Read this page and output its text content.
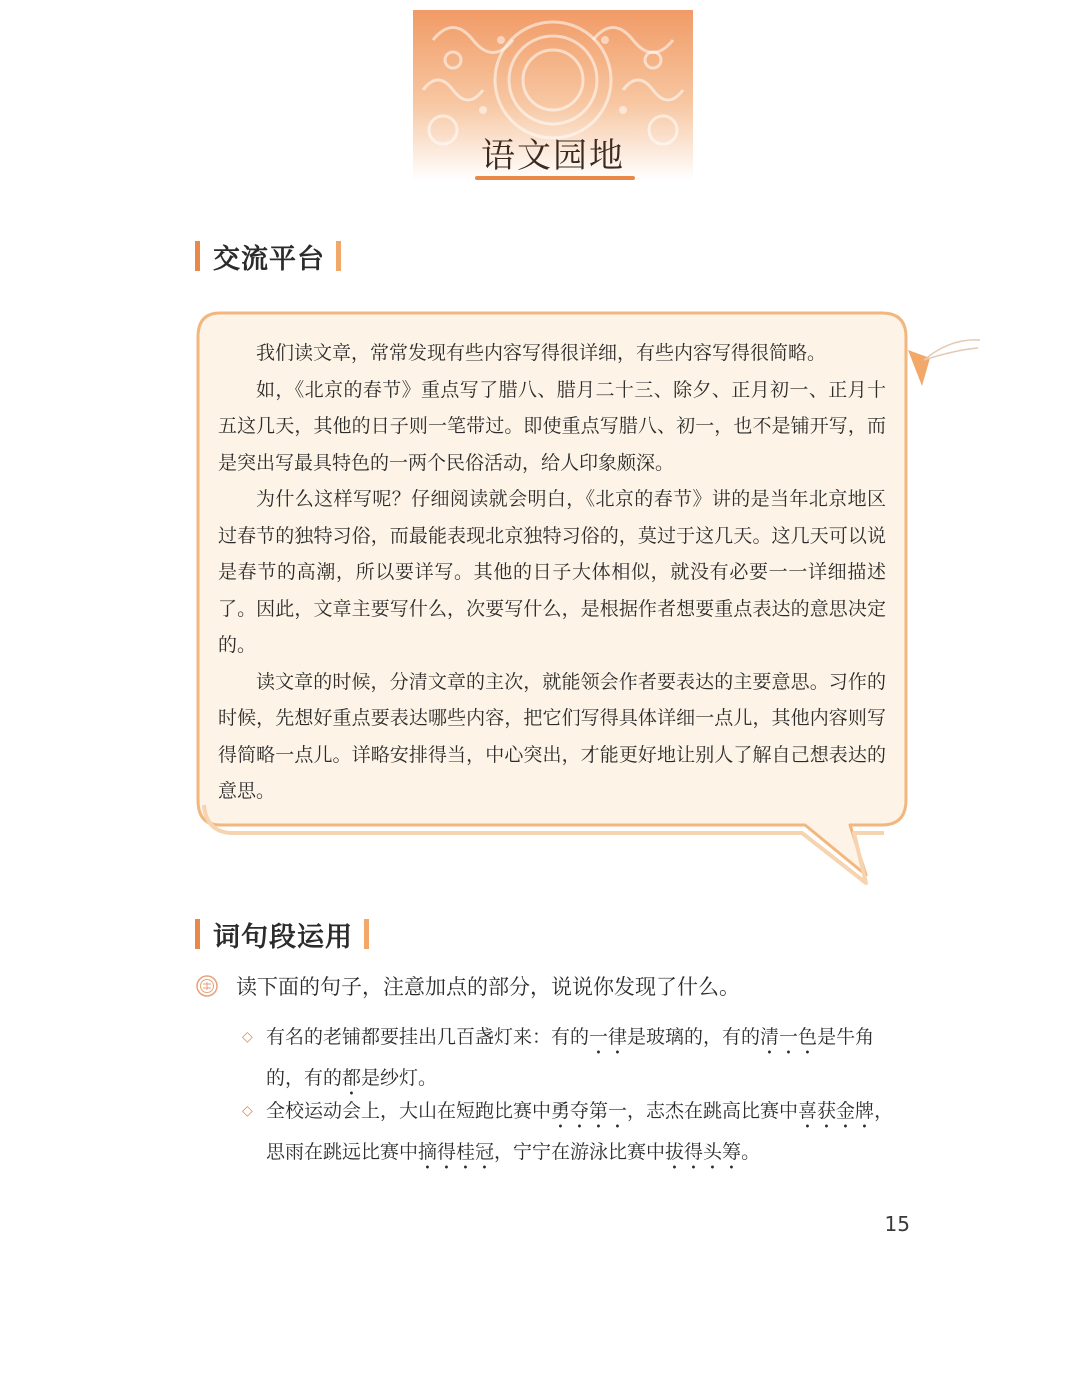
语文园地
交流平台

我们读文章，常常发现有些内容写得很详细，有些内容写得很简略。

如，《北京的春节》重点写了腊八、腊月二十三、除夕、正月初一、正月十五这几天，其他的日子则一笔带过。即使重点写腊八、初一，也不是铺开写，而是突出写最具特色的一两个民俗活动，给人印象颇深。

为什么这样写呢？仔细阅读就会明白，《北京的春节》讲的是当年北京地区过春节的独特习俗，而最能表现北京独特习俗的，莫过于这几天。这几天可以说是春节的高潮，所以要详写。其他的日子大体相似，就没有必要一一详细描述了。因此，文章主要写什么，次要写什么，是根据作者想要重点表达的意思决定的。

读文章的时候，分清文章的主次，就能领会作者要表达的主要意思。习作的时候，先想好重点要表达哪些内容，把它们写得具体详细一点儿，其他内容则写得简略一点儿。详略安排得当，中心突出，才能更好地让别人了解自己想表达的意思。

词句段运用
读下面的句子，注意加点的部分，说说你发现了什么。
◇ 有名的老铺都要挂出几百盏灯来：有的一律是玻璃的，有的清一色是牛角的，有的都是纱灯。
◇ 全校运动会上，大山在短跑比赛中勇夺第一，志杰在跳高比赛中喜获金牌，思雨在跳远比赛中摘得桂冠，宁宁在游泳比赛中拔得头筹。
15
